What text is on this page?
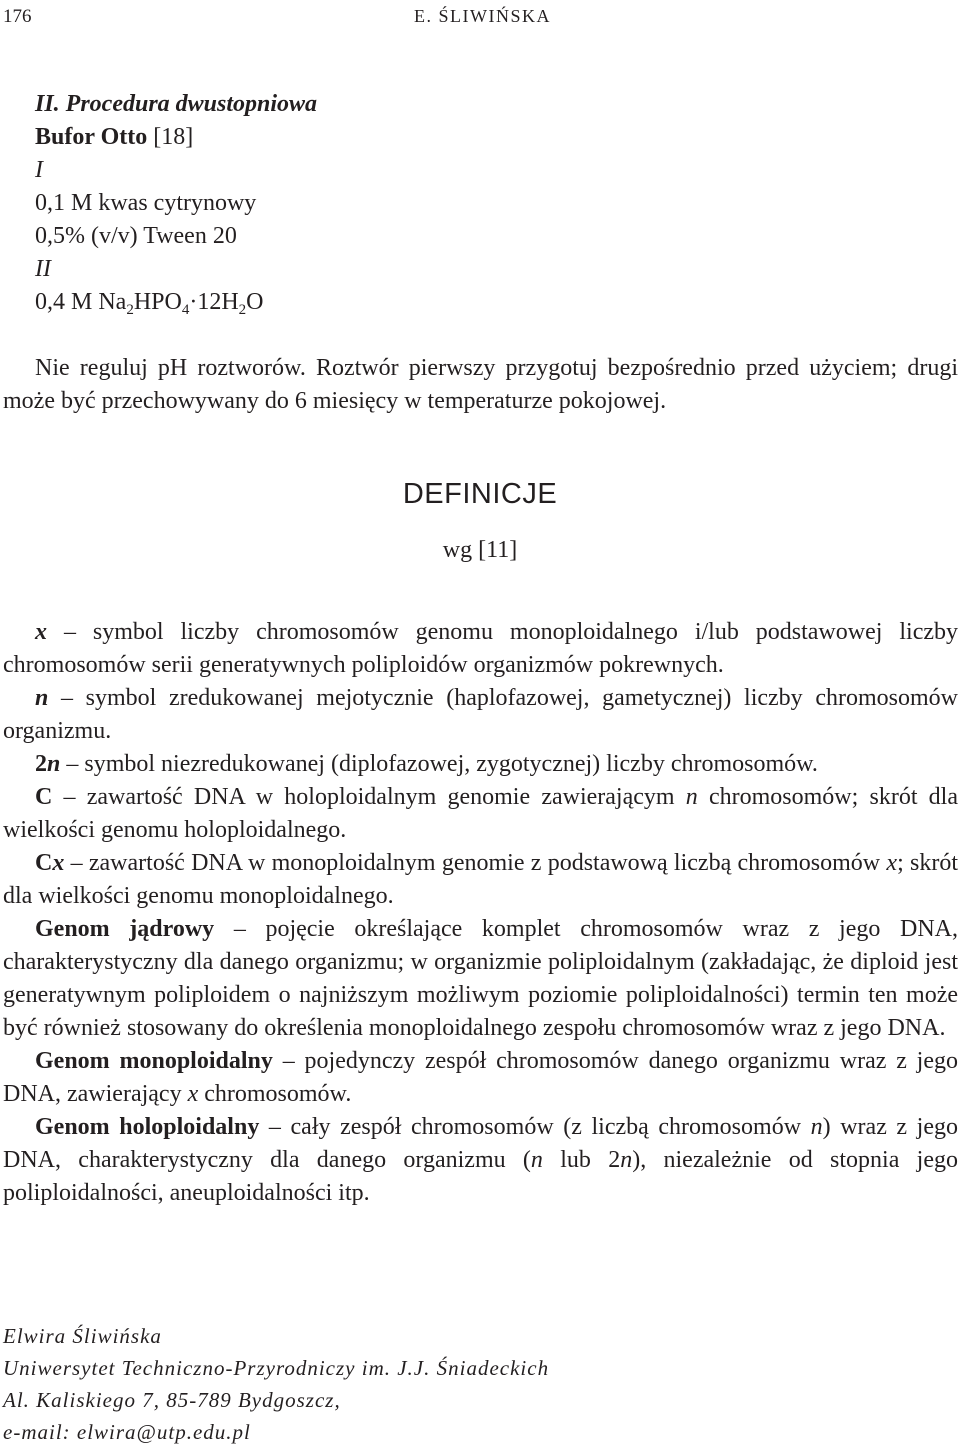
176	E. ŚLIWIŃSKA
II. Procedura dwustopniowa
Bufor Otto [18]
I
0,1 M kwas cytrynowy
0,5% (v/v) Tween 20
II
0,4 M $Na_2HPO_4\cdot 12H_2O$

Nie reguluj pH roztworów. Roztwór pierwszy przygotuj bezpośrednio przed użyciem; drugi może być przechowywany do 6 miesięcy w temperaturze pokojowej.

DEFINICJE
wg [11]

x – symbol liczby chromosomów genomu monoploidalnego i/lub podstawowej liczby chromosomów serii generatywnych poliploidów organizmów pokrewnych.

n – symbol zredukowanej mejotycznie (haplofazowej, gametycznej) liczby chromosomów organizmu.

2n – symbol niezredukowanej (diplofazowej, zygotycznej) liczby chromosomów.

C – zawartość DNA w holoploidalnym genomie zawierającym n chromosomów; skrót dla wielkości genomu holoploidalnego.

Cx – zawartość DNA w monoploidalnym genomie z podstawową liczbą chromosomów x; skrót dla wielkości genomu monoploidalnego.

Genom jądrowy – pojęcie określające komplet chromosomów wraz z jego DNA, charakterystyczny dla danego organizmu; w organizmie poliploidalnym (zakładając, że diploid jest generatywnym poliploidem o najniższym możliwym poziomie poliploidalności) termin ten może być również stosowany do określenia monoploidalnego zespołu chromosomów wraz z jego DNA.

Genom monoploidalny – pojedynczy zespół chromosomów danego organizmu wraz z jego DNA, zawierający x chromosomów.

Genom holoploidalny – cały zespół chromosomów (z liczbą chromosomów n) wraz z jego DNA, charakterystyczny dla danego organizmu (n lub 2n), niezależnie od stopnia jego poliploidalności, aneuploidalności itp.

Elwira Śliwińska
Uniwersytet Techniczno-Przyrodniczy im. J.J. Śniadeckich
Al. Kaliskiego 7, 85-789 Bydgoszcz,
e-mail: elwira@utp.edu.pl
